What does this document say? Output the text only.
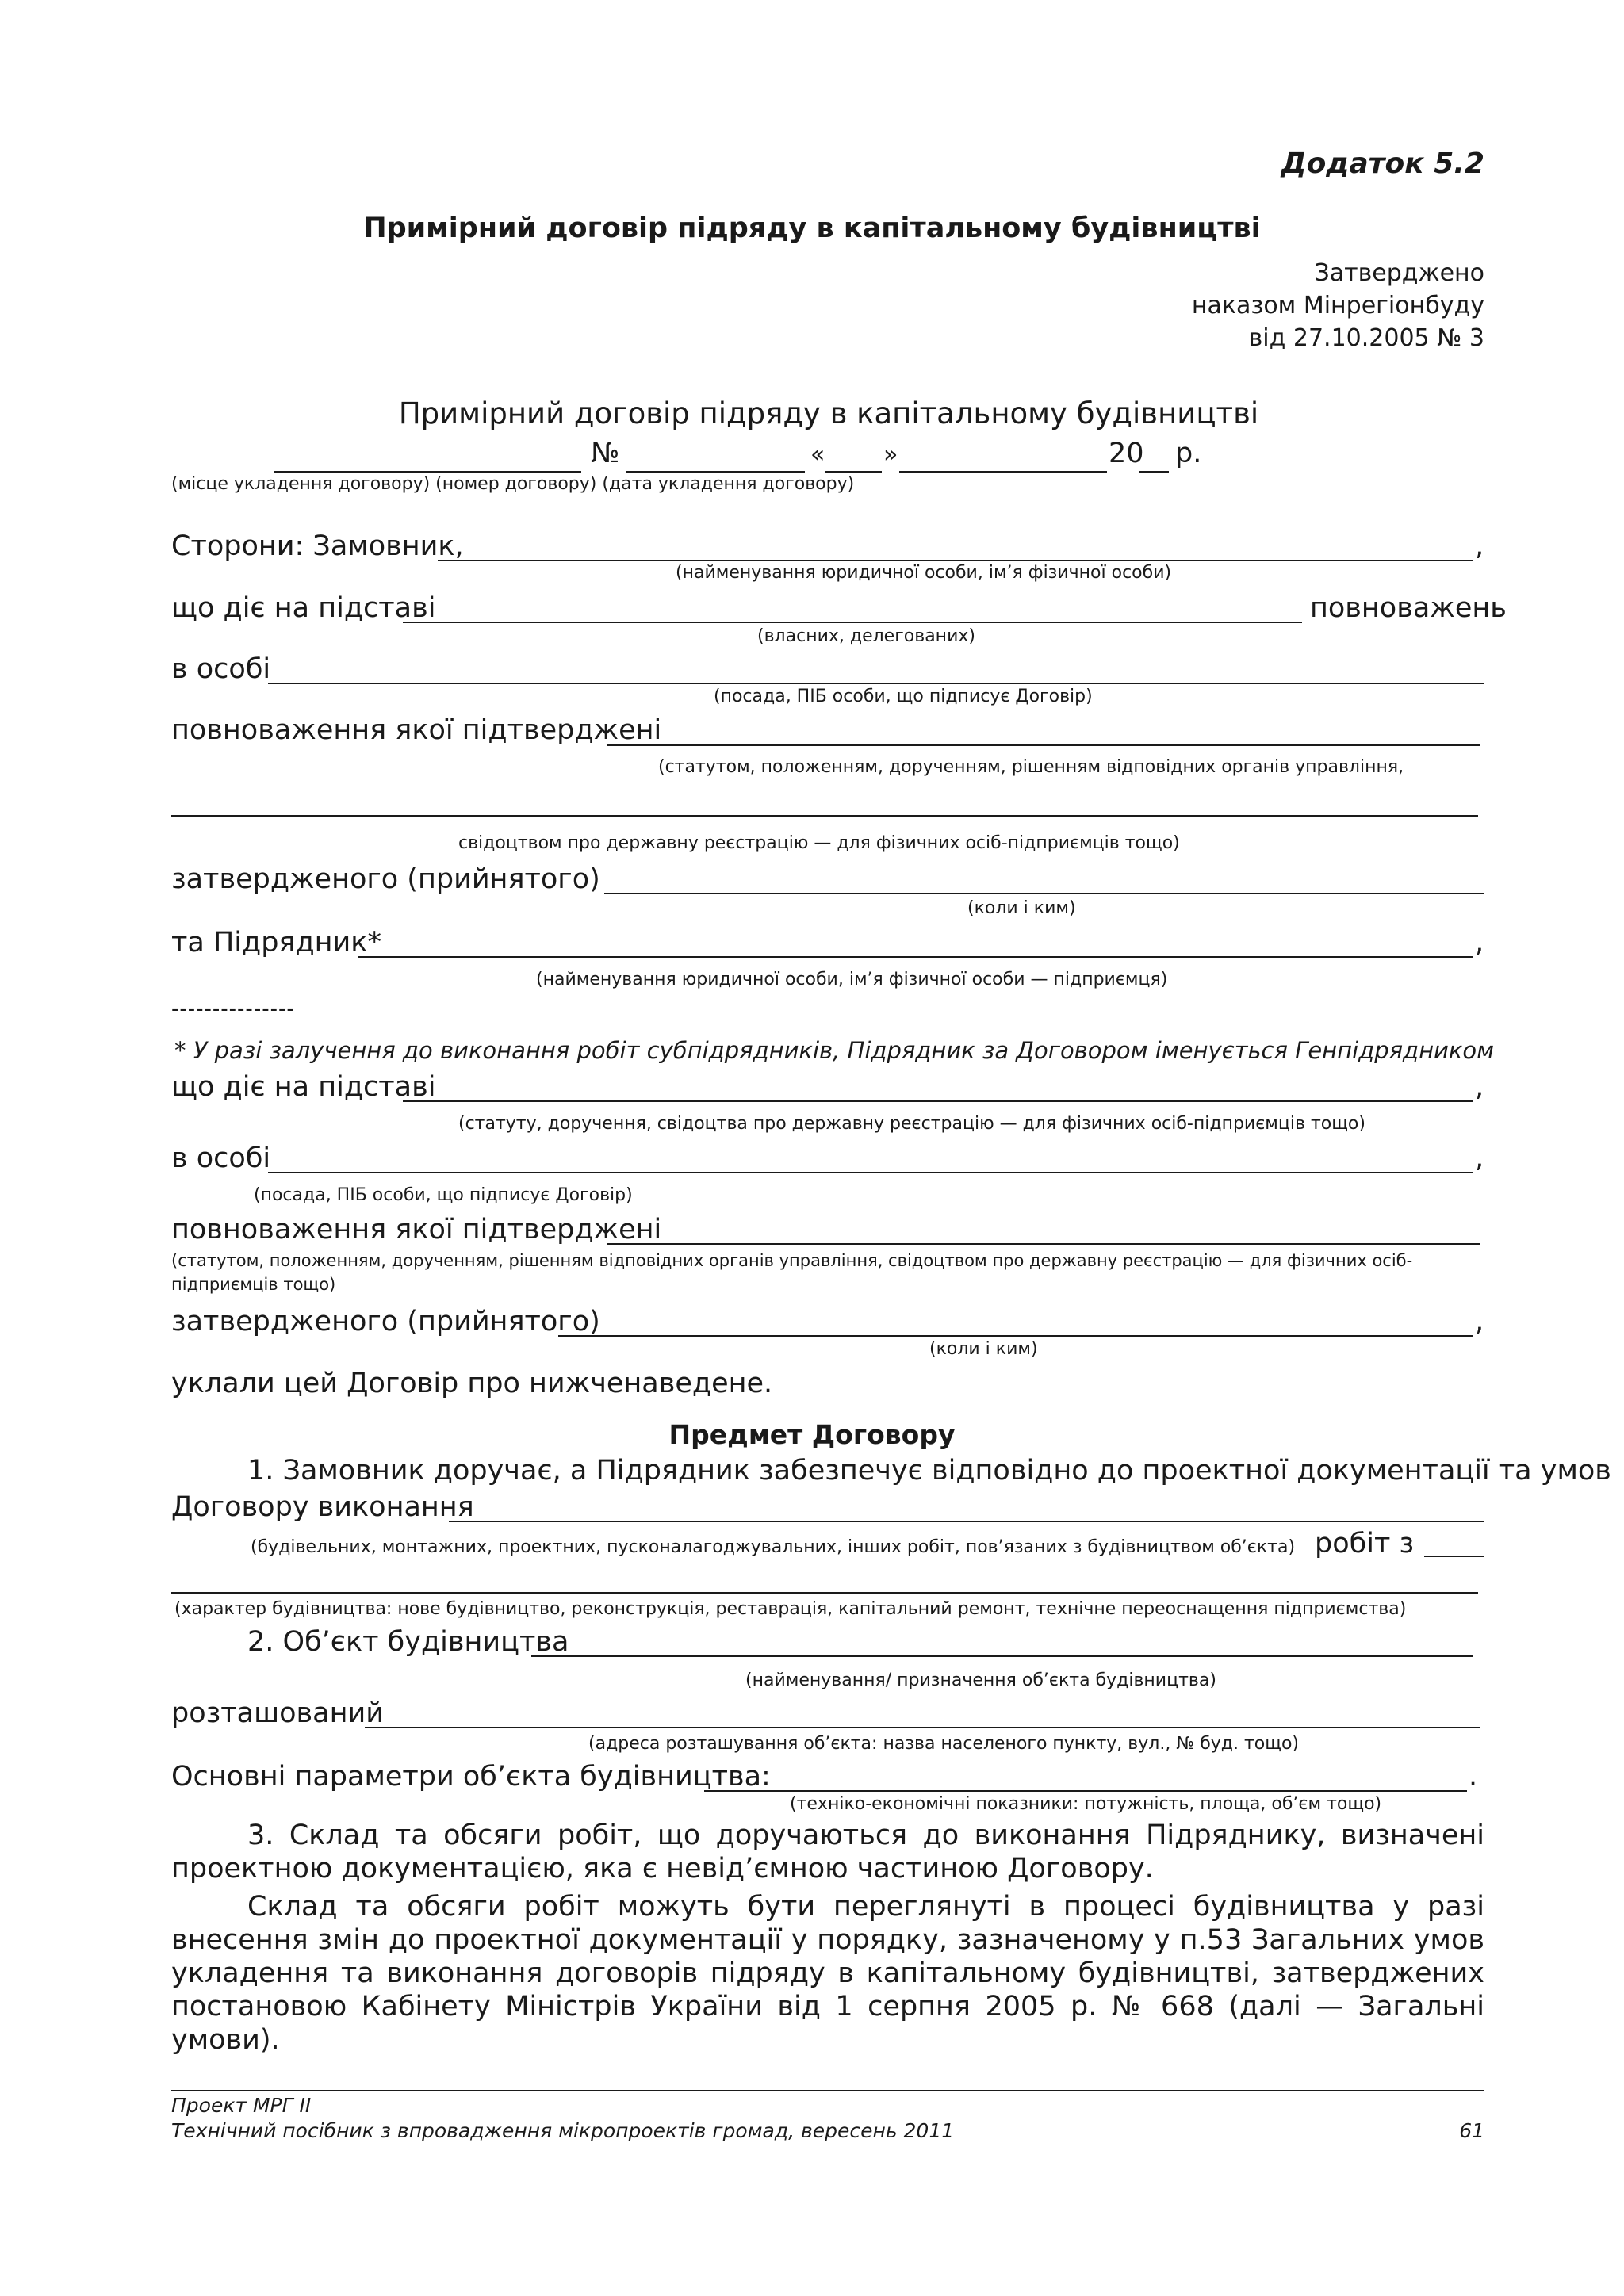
Додаток 5.2
Примірний договір підряду в капітальному будівництві
Затверджено
наказом Мінрегіонбуду
від 27.10.2005 № 3
Примірний договір підряду в капітальному будівництві
№	« »	20 р.
(місце укладення договору) (номер договору) (дата укладення договору)
Сторони: Замовник,	,
(найменування юридичної особи, ім’я фізичної особи)
що діє на підставі	повноважень
(власних, делегованих)
в особі
(посада, ПІБ особи, що підписує Договір)
повноваження якої підтверджені
(статутом, положенням, дорученням, рішенням відповідних органів управління,
свідоцтвом про державну реєстрацію — для фізичних осіб-підприємців тощо)
затвердженого (прийнятого)
(коли і ким)
та Підрядник*	,
(найменування юридичної особи, ім’я фізичної особи — підприємця)
---------------
* У разі залучення до виконання робіт субпідрядників, Підрядник за Договором іменується Генпідрядником
що діє на підставі	,
(статуту, доручення, свідоцтва про державну реєстрацію — для фізичних осіб-підприємців тощо)
в особі	,
(посада, ПІБ особи, що підписує Договір)
повноваження якої підтверджені
(статутом, положенням, дорученням, рішенням відповідних органів управління, свідоцтвом про державну реєстрацію — для фізичних осіб-
підприємців тощо)
затвердженого (прийнятого)	,
(коли і ким)
уклали цей Договір про нижченаведене.
Предмет Договору
1. Замовник доручає, а Підрядник забезпечує відповідно до проектної документації та умов
Договору виконання
(будівельних, монтажних, проектних, пусконалагоджувальних, інших робіт, пов’язаних з будівництвом об’єкта) робіт з
(характер будівництва: нове будівництво, реконструкція, реставрація, капітальний ремонт, технічне переоснащення підприємства)
2. Об’єкт будівництва
(найменування/ призначення об’єкта будівництва)
розташований
(адреса розташування об’єкта: назва населеного пункту, вул., № буд. тощо)
Основні параметри об’єкта будівництва:	.
(техніко-економічні показники: потужність, площа, об’єм тощо)
3. Склад та обсяги робіт, що доручаються до виконання Підряднику, визначені проектною документацією, яка є невід’ємною частиною Договору.
Склад та обсяги робіт можуть бути переглянуті в процесі будівництва у разі внесення змін до проектної документації у порядку, зазначеному у п.53 Загальних умов укладення та виконання договорів підряду в капітальному будівництві, затверджених постановою Кабінету Міністрів України від 1 серпня 2005 р. № 668 (далі — Загальні умови).
Проект МРГ ІІ
Технічний посібник з впровадження мікропроектів громад, вересень 2011	61
